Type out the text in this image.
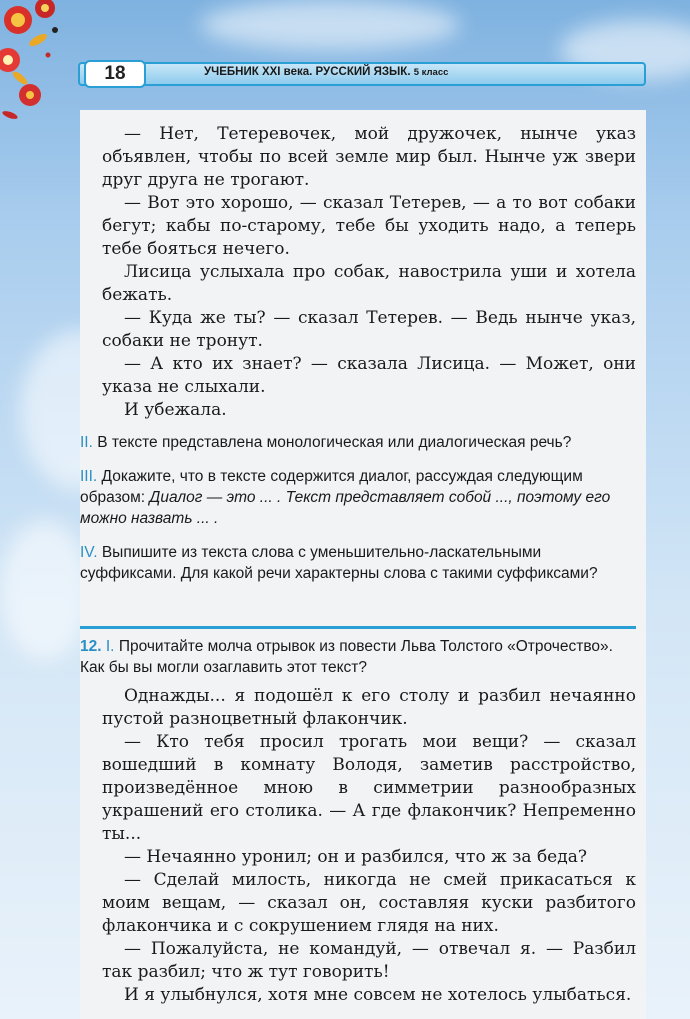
18	УЧЕБНИК XXI века. РУССКИЙ ЯЗЫК. 5 класс

— Нет, Тетеревочек, мой дружочек, нынче указ объявлен, чтобы по всей земле мир был. Нынче уж звери друг друга не трогают.

— Вот это хорошо, — сказал Тетерев, — а то вот собаки бегут; кабы по-старому, тебе бы уходить надо, а теперь тебе бояться нечего.

Лисица услыхала про собак, навострила уши и хотела бежать.

— Куда же ты? — сказал Тетерев. — Ведь нынче указ, собаки не тронут.

— А кто их знает? — сказала Лисица. — Может, они указа не слыхали.

И убежала.

II. В тексте представлена монологическая или диалогическая речь?

III. Докажите, что в тексте содержится диалог, рассуждая следующим образом: Диалог — это ... . Текст представляет собой ..., поэтому его можно назвать ... .

IV. Выпишите из текста слова с уменьшительно-ласкательными суффиксами. Для какой речи характерны слова с такими суффиксами?

12. I. Прочитайте молча отрывок из повести Льва Толстого «Отрочество». Как бы вы могли озаглавить этот текст?

Однажды... я подошёл к его столу и разбил нечаянно пустой разноцветный флакончик.

— Кто тебя просил трогать мои вещи? — сказал вошедший в комнату Володя, заметив расстройство, произведённое мною в симметрии разнообразных украшений его столика. — А где флакончик? Непременно ты...

— Нечаянно уронил; он и разбился, что ж за беда?

— Сделай милость, никогда не смей прикасаться к моим вещам, — сказал он, составляя куски разбитого флакончика и с сокрушением глядя на них.

— Пожалуйста, не командуй, — отвечал я. — Разбил так разбил; что ж тут говорить!

И я улыбнулся, хотя мне совсем не хотелось улыбаться.
